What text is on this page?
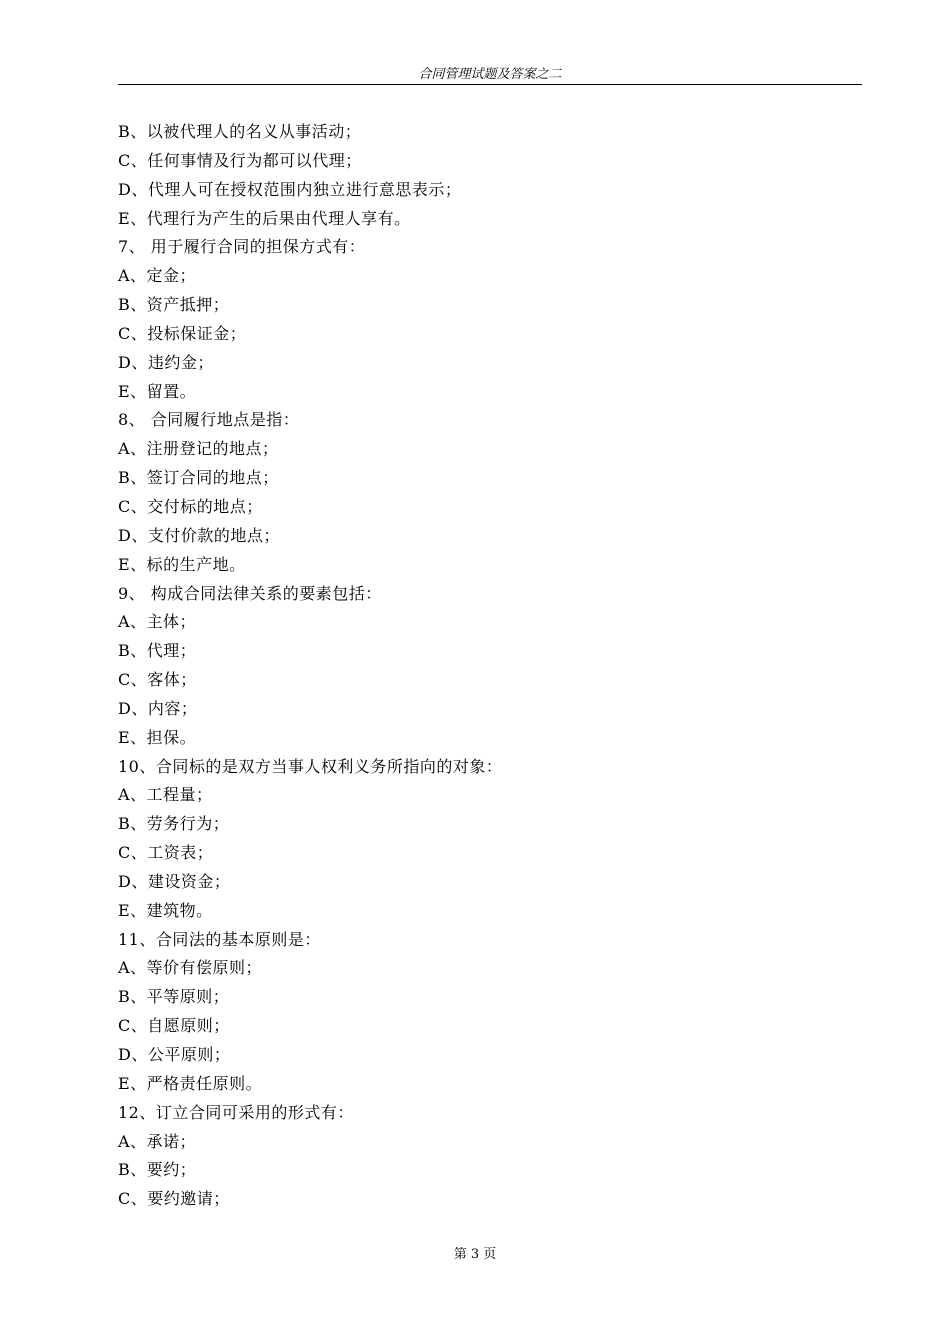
合同管理试题及答案之二
B、以被代理人的名义从事活动；
C、任何事情及行为都可以代理；
D、代理人可在授权范围内独立进行意思表示；
E、代理行为产生的后果由代理人享有。
7、 用于履行合同的担保方式有：
A、定金；
B、资产抵押；
C、投标保证金；
D、违约金；
E、留置。
8、 合同履行地点是指：
A、注册登记的地点；
B、签订合同的地点；
C、交付标的地点；
D、支付价款的地点；
E、标的生产地。
9、 构成合同法律关系的要素包括：
A、主体；
B、代理；
C、客体；
D、内容；
E、担保。
10、合同标的是双方当事人权利义务所指向的对象：
A、工程量；
B、劳务行为；
C、工资表；
D、建设资金；
E、建筑物。
11、合同法的基本原则是：
A、等价有偿原则；
B、平等原则；
C、自愿原则；
D、公平原则；
E、严格责任原则。
12、订立合同可采用的形式有：
A、承诺；
B、要约；
C、要约邀请；
第 3 页
